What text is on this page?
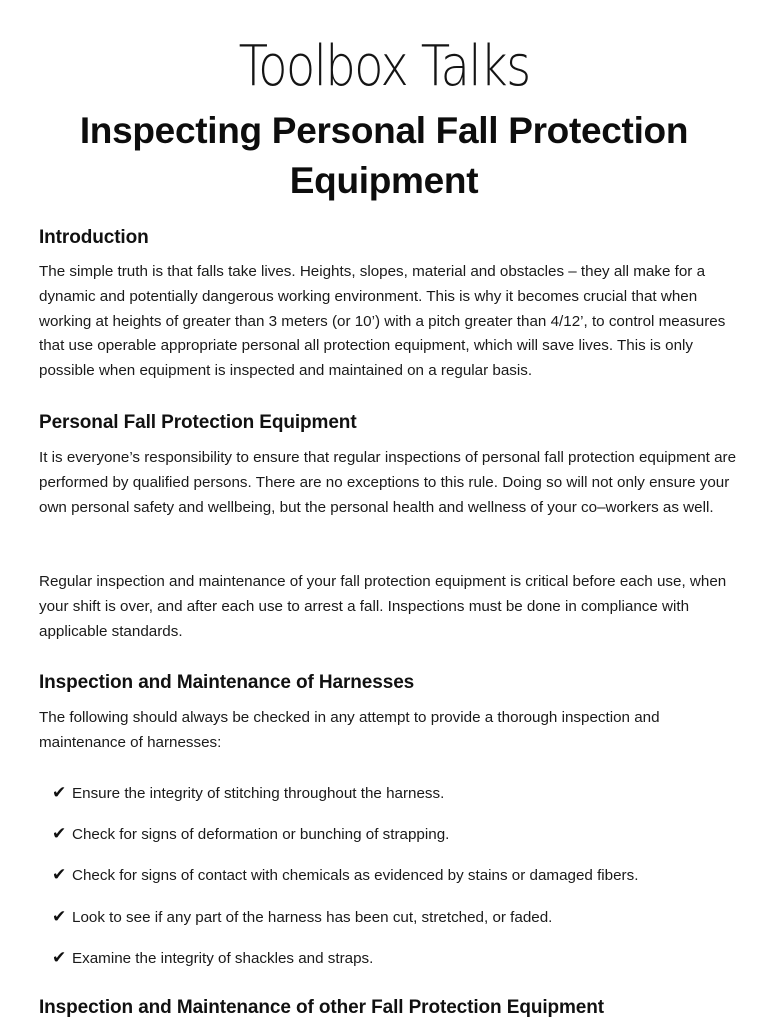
Toolbox Talks
Inspecting Personal Fall Protection Equipment
Introduction

The simple truth is that falls take lives. Heights, slopes, material and obstacles – they all make for a dynamic and potentially dangerous working environment. This is why it becomes crucial that when working at heights of greater than 3 meters (or 10’) with a pitch greater than 4/12’, to control measures that use operable appropriate personal all protection equipment, which will save lives. This is only possible when equipment is inspected and maintained on a regular basis.

Personal Fall Protection Equipment

It is everyone’s responsibility to ensure that regular inspections of personal fall protection equipment are performed by qualified persons. There are no exceptions to this rule. Doing so will not only ensure your own personal safety and wellbeing, but the personal health and wellness of your co–workers as well.

Regular inspection and maintenance of your fall protection equipment is critical before each use, when your shift is over, and after each use to arrest a fall. Inspections must be done in compliance with applicable standards.

Inspection and Maintenance of Harnesses

The following should always be checked in any attempt to provide a thorough inspection and maintenance of harnesses:

✔ Ensure the integrity of stitching throughout the harness.
✔ Check for signs of deformation or bunching of strapping.
✔ Check for signs of contact with chemicals as evidenced by stains or damaged fibers.
✔ Look to see if any part of the harness has been cut, stretched, or faded.
✔ Examine the integrity of shackles and straps.
Inspection and Maintenance of other Fall Protection Equipment
